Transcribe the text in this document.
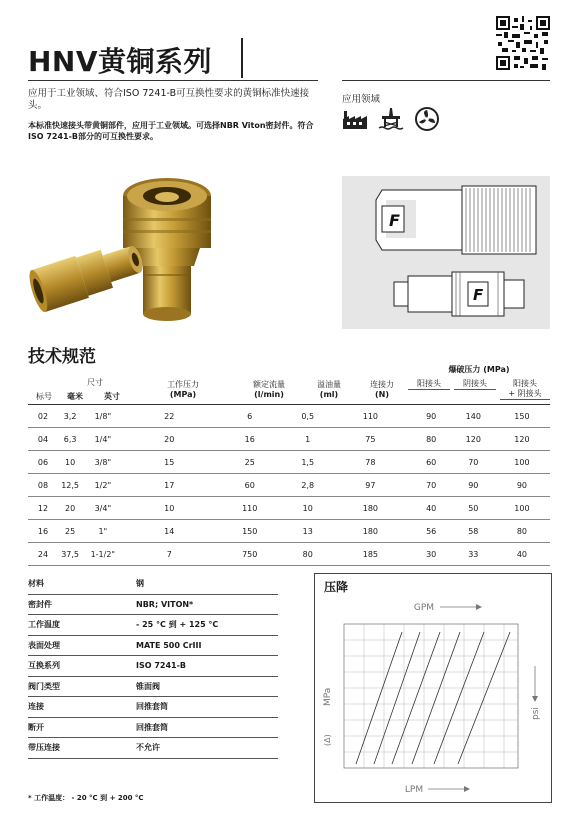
HNV黄铜系列
应用于工业领域、符合ISO 7241-B可互换性要求的黄铜标准快速接头。
本标准快速接头带黄铜部件，应用于工业领域。可选择NBR Viton密封件。符合ISO 7241-B部分的可互换性要求。
应用领域
F
F
技术规范
标号
尺寸
毫米	英寸
工作压力
(MPa)
额定流量
(l/min)
溢油量
(ml)
连接力
(N)
爆破压力 (MPa)
阳接头	阴接头	阳接头
+ 阴接头
02	3,2	1/8"	22	6	0,5	110	90	140	150
04	6,3	1/4"	20	16	1	75	80	120	120
06	10	3/8"	15	25	1,5	78	60	70	100
08	12,5	1/2"	17	60	2,8	97	70	90	90
12	20	3/4"	10	110	10	180	40	50	100
16	25	1"	14	150	13	180	56	58	80
24	37,5	1-1/2"	7	750	80	185	30	33	40
材料	钢
密封件	NBR; VITON*
工作温度	- 25 °C 到 + 125 °C
表面处理	MATE 500 CrIII
互换系列	ISO 7241-B
阀门类型	锥面阀
连接	回推套筒
断开	回推套筒
带压连接	不允许
* 工作温度： - 20 °C 到 + 200 °C
压降
GPM
MPa
(Δ)
psi
LPM
